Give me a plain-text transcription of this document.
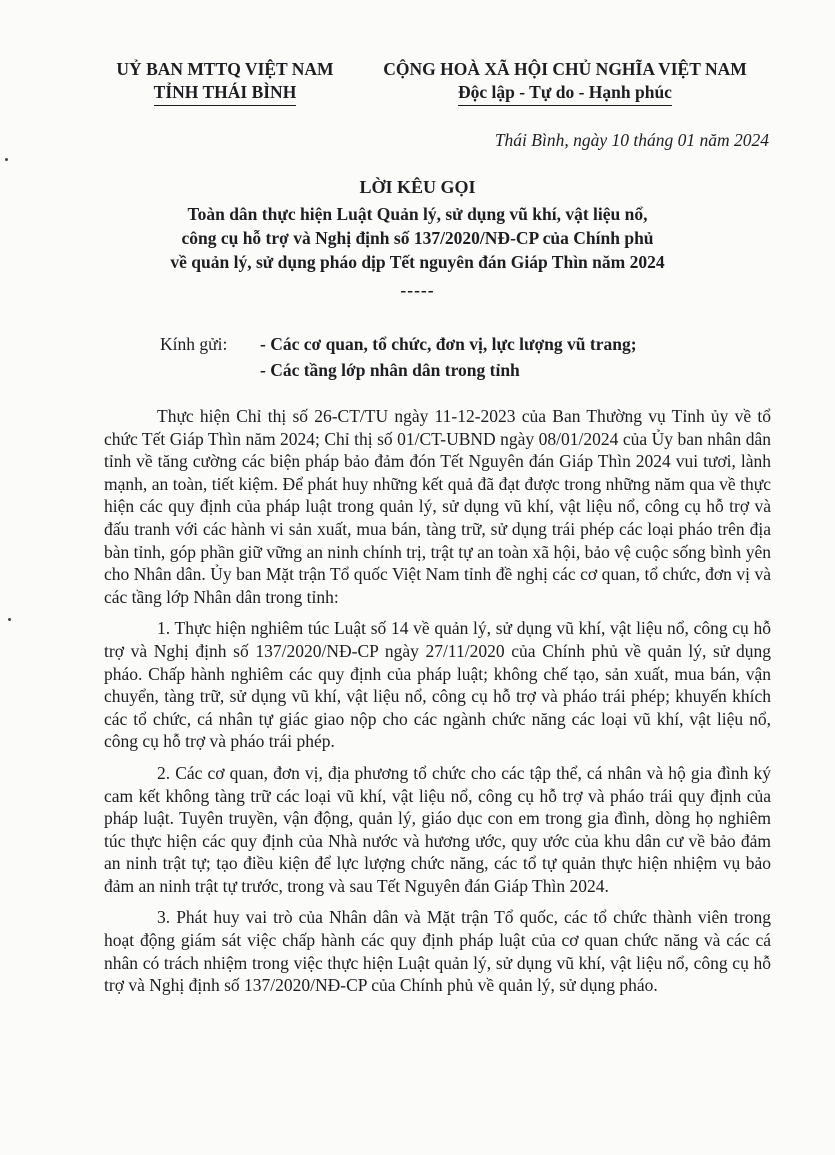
UỶ BAN MTTQ VIỆT NAM
TỈNH THÁI BÌNH
CỘNG HOÀ XÃ HỘI CHỦ NGHĨA VIỆT NAM
Độc lập - Tự do - Hạnh phúc
Thái Bình, ngày 10 tháng 01 năm 2024
LỜI KÊU GỌI
Toàn dân thực hiện Luật Quản lý, sử dụng vũ khí, vật liệu nổ,
công cụ hỗ trợ và Nghị định số 137/2020/NĐ-CP của Chính phủ
về quản lý, sử dụng pháo dịp Tết nguyên đán Giáp Thìn năm 2024
-----
Kính gửi: - Các cơ quan, tổ chức, đơn vị, lực lượng vũ trang;
- Các tầng lớp nhân dân trong tỉnh

Thực hiện Chỉ thị số 26-CT/TU ngày 11-12-2023 của Ban Thường vụ Tỉnh ủy về tổ chức Tết Giáp Thìn năm 2024; Chỉ thị số 01/CT-UBND ngày 08/01/2024 của Ủy ban nhân dân tỉnh về tăng cường các biện pháp bảo đảm đón Tết Nguyên đán Giáp Thìn 2024 vui tươi, lành mạnh, an toàn, tiết kiệm. Để phát huy những kết quả đã đạt được trong những năm qua về thực hiện các quy định của pháp luật trong quản lý, sử dụng vũ khí, vật liệu nổ, công cụ hỗ trợ và đấu tranh với các hành vi sản xuất, mua bán, tàng trữ, sử dụng trái phép các loại pháo trên địa bàn tỉnh, góp phần giữ vững an ninh chính trị, trật tự an toàn xã hội, bảo vệ cuộc sống bình yên cho Nhân dân. Ủy ban Mặt trận Tổ quốc Việt Nam tỉnh đề nghị các cơ quan, tổ chức, đơn vị và các tầng lớp Nhân dân trong tỉnh:

1. Thực hiện nghiêm túc Luật số 14 về quản lý, sử dụng vũ khí, vật liệu nổ, công cụ hỗ trợ và Nghị định số 137/2020/NĐ-CP ngày 27/11/2020 của Chính phủ về quản lý, sử dụng pháo. Chấp hành nghiêm các quy định của pháp luật; không chế tạo, sản xuất, mua bán, vận chuyển, tàng trữ, sử dụng vũ khí, vật liệu nổ, công cụ hỗ trợ và pháo trái phép; khuyến khích các tổ chức, cá nhân tự giác giao nộp cho các ngành chức năng các loại vũ khí, vật liệu nổ, công cụ hỗ trợ và pháo trái phép.

2. Các cơ quan, đơn vị, địa phương tổ chức cho các tập thể, cá nhân và hộ gia đình ký cam kết không tàng trữ các loại vũ khí, vật liệu nổ, công cụ hỗ trợ và pháo trái quy định của pháp luật. Tuyên truyền, vận động, quản lý, giáo dục con em trong gia đình, dòng họ nghiêm túc thực hiện các quy định của Nhà nước và hương ước, quy ước của khu dân cư về bảo đảm an ninh trật tự; tạo điều kiện để lực lượng chức năng, các tổ tự quản thực hiện nhiệm vụ bảo đảm an ninh trật tự trước, trong và sau Tết Nguyên đán Giáp Thìn 2024.

3. Phát huy vai trò của Nhân dân và Mặt trận Tổ quốc, các tổ chức thành viên trong hoạt động giám sát việc chấp hành các quy định pháp luật của cơ quan chức năng và các cá nhân có trách nhiệm trong việc thực hiện Luật quản lý, sử dụng vũ khí, vật liệu nổ, công cụ hỗ trợ và Nghị định số 137/2020/NĐ-CP của Chính phủ về quản lý, sử dụng pháo.
